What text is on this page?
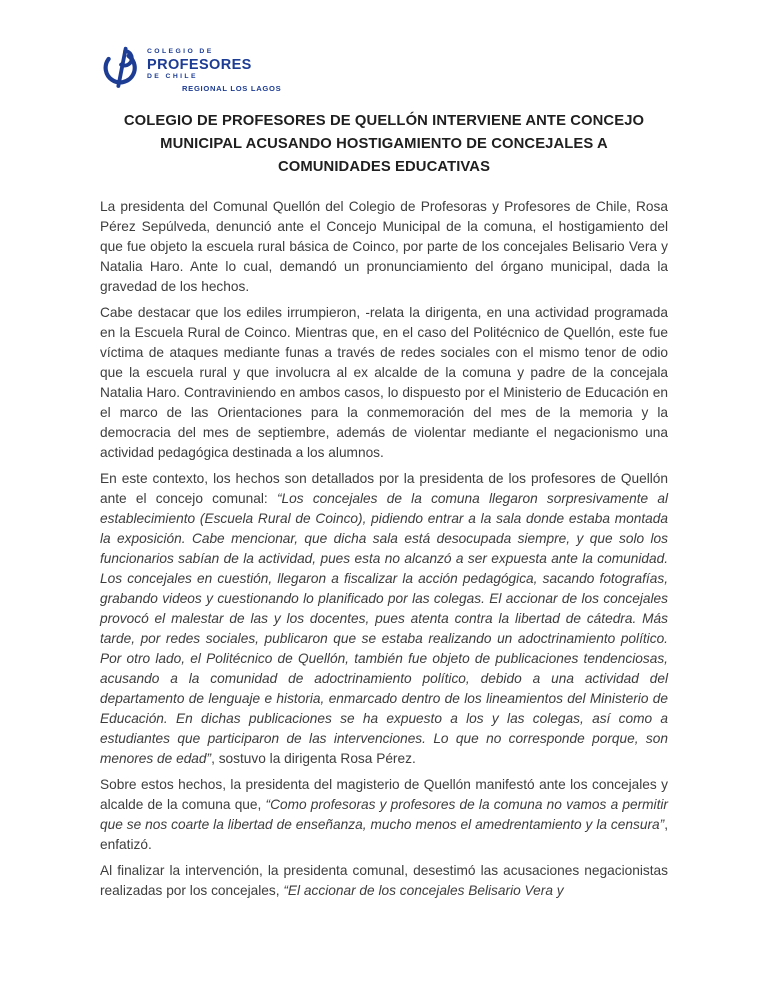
COLEGIO DE
PROFESORES
DE CHILE
REGIONAL LOS LAGOS
COLEGIO DE PROFESORES DE QUELLÓN INTERVIENE ANTE CONCEJO
MUNICIPAL ACUSANDO HOSTIGAMIENTO DE CONCEJALES A
COMUNIDADES EDUCATIVAS

La presidenta del Comunal Quellón del Colegio de Profesoras y Profesores de Chile, Rosa Pérez Sepúlveda, denunció ante el Concejo Municipal de la comuna, el hostigamiento del que fue objeto la escuela rural básica de Coinco, por parte de los concejales Belisario Vera y Natalia Haro. Ante lo cual, demandó un pronunciamiento del órgano municipal, dada la gravedad de los hechos.

Cabe destacar que los ediles irrumpieron, -relata la dirigenta, en una actividad programada en la Escuela Rural de Coinco. Mientras que, en el caso del Politécnico de Quellón, este fue víctima de ataques mediante funas a través de redes sociales con el mismo tenor de odio que la escuela rural y que involucra al ex alcalde de la comuna y padre de la concejala Natalia Haro. Contraviniendo en ambos casos, lo dispuesto por el Ministerio de Educación en el marco de las Orientaciones para la conmemoración del mes de la memoria y la democracia del mes de septiembre, además de violentar mediante el negacionismo una actividad pedagógica destinada a los alumnos.

En este contexto, los hechos son detallados por la presidenta de los profesores de Quellón ante el concejo comunal: “Los concejales de la comuna llegaron sorpresivamente al establecimiento (Escuela Rural de Coinco), pidiendo entrar a la sala donde estaba montada la exposición. Cabe mencionar, que dicha sala está desocupada siempre, y que solo los funcionarios sabían de la actividad, pues esta no alcanzó a ser expuesta ante la comunidad. Los concejales en cuestión, llegaron a fiscalizar la acción pedagógica, sacando fotografías, grabando videos y cuestionando lo planificado por las colegas. El accionar de los concejales provocó el malestar de las y los docentes, pues atenta contra la libertad de cátedra. Más tarde, por redes sociales, publicaron que se estaba realizando un adoctrinamiento político. Por otro lado, el Politécnico de Quellón, también fue objeto de publicaciones tendenciosas, acusando a la comunidad de adoctrinamiento político, debido a una actividad del departamento de lenguaje e historia, enmarcado dentro de los lineamientos del Ministerio de Educación. En dichas publicaciones se ha expuesto a los y las colegas, así como a estudiantes que participaron de las intervenciones. Lo que no corresponde porque, son menores de edad”, sostuvo la dirigenta Rosa Pérez.

Sobre estos hechos, la presidenta del magisterio de Quellón manifestó ante los concejales y alcalde de la comuna que, “Como profesoras y profesores de la comuna no vamos a permitir que se nos coarte la libertad de enseñanza, mucho menos el amedrentamiento y la censura”, enfatizó.

Al finalizar la intervención, la presidenta comunal, desestimó las acusaciones negacionistas realizadas por los concejales, “El accionar de los concejales Belisario Vera y
